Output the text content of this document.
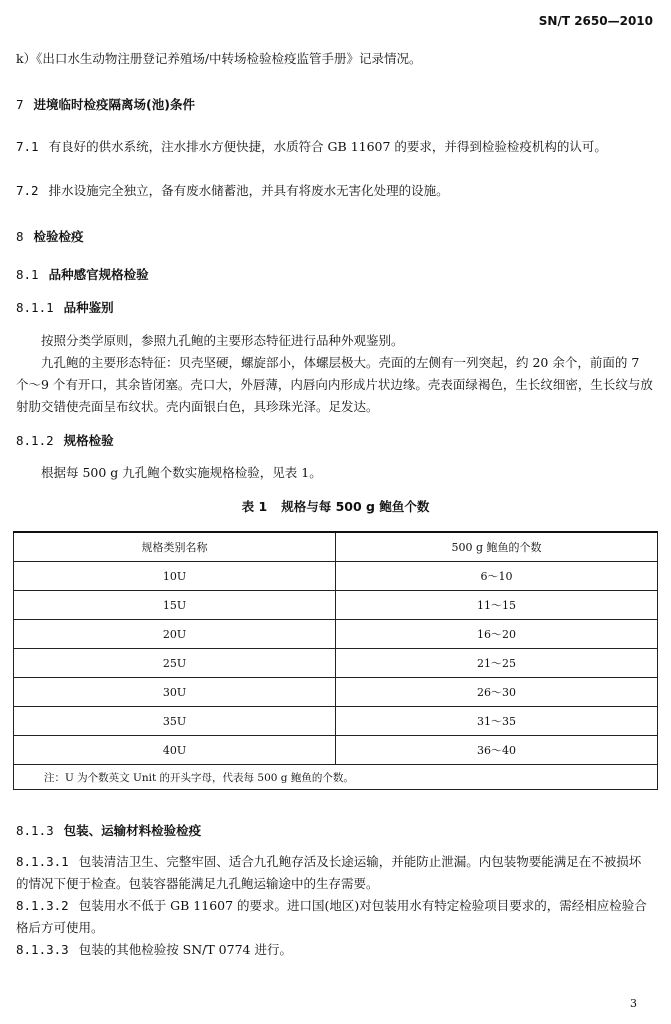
SN/T 2650—2010
k）《出口水生动物注册登记养殖场/中转场检验检疫监管手册》记录情况。
7 进境临时检疫隔离场(池)条件
7.1 有良好的供水系统，注水排水方便快捷，水质符合 GB 11607 的要求，并得到检验检疫机构的认可。
7.2 排水设施完全独立，备有废水储蓄池，并具有将废水无害化处理的设施。
8 检验检疫
8.1 品种感官规格检验
8.1.1 品种鉴别
按照分类学原则，参照九孔鲍的主要形态特征进行品种外观鉴别。
九孔鲍的主要形态特征：贝壳坚硬，螺旋部小，体螺层极大。壳面的左侧有一列突起，约 20 余个，前面的 7 个～9 个有开口，其余皆闭塞。壳口大，外唇薄，内唇向内形成片状边缘。壳表面绿褐色，生长纹细密，生长纹与放射肋交错使壳面呈布纹状。壳内面银白色，具珍珠光泽。足发达。
8.1.2 规格检验
根据每 500 g 九孔鲍个数实施规格检验，见表 1。
表 1 规格与每 500 g 鲍鱼个数
规格类别名称	500 g 鲍鱼的个数
10U	6～10
15U	11～15
20U	16～20
25U	21～25
30U	26～30
35U	31～35
40U	36～40
注：U 为个数英文 Unit 的开头字母，代表每 500 g 鲍鱼的个数。	
8.1.3 包装、运输材料检验检疫
8.1.3.1 包装清洁卫生、完整牢固、适合九孔鲍存活及长途运输，并能防止泄漏。内包装物要能满足在不被损坏的情况下便于检查。包装容器能满足九孔鲍运输途中的生存需要。
8.1.3.2 包装用水不低于 GB 11607 的要求。进口国(地区)对包装用水有特定检验项目要求的，需经相应检验合格后方可使用。
8.1.3.3 包装的其他检验按 SN/T 0774 进行。
3
